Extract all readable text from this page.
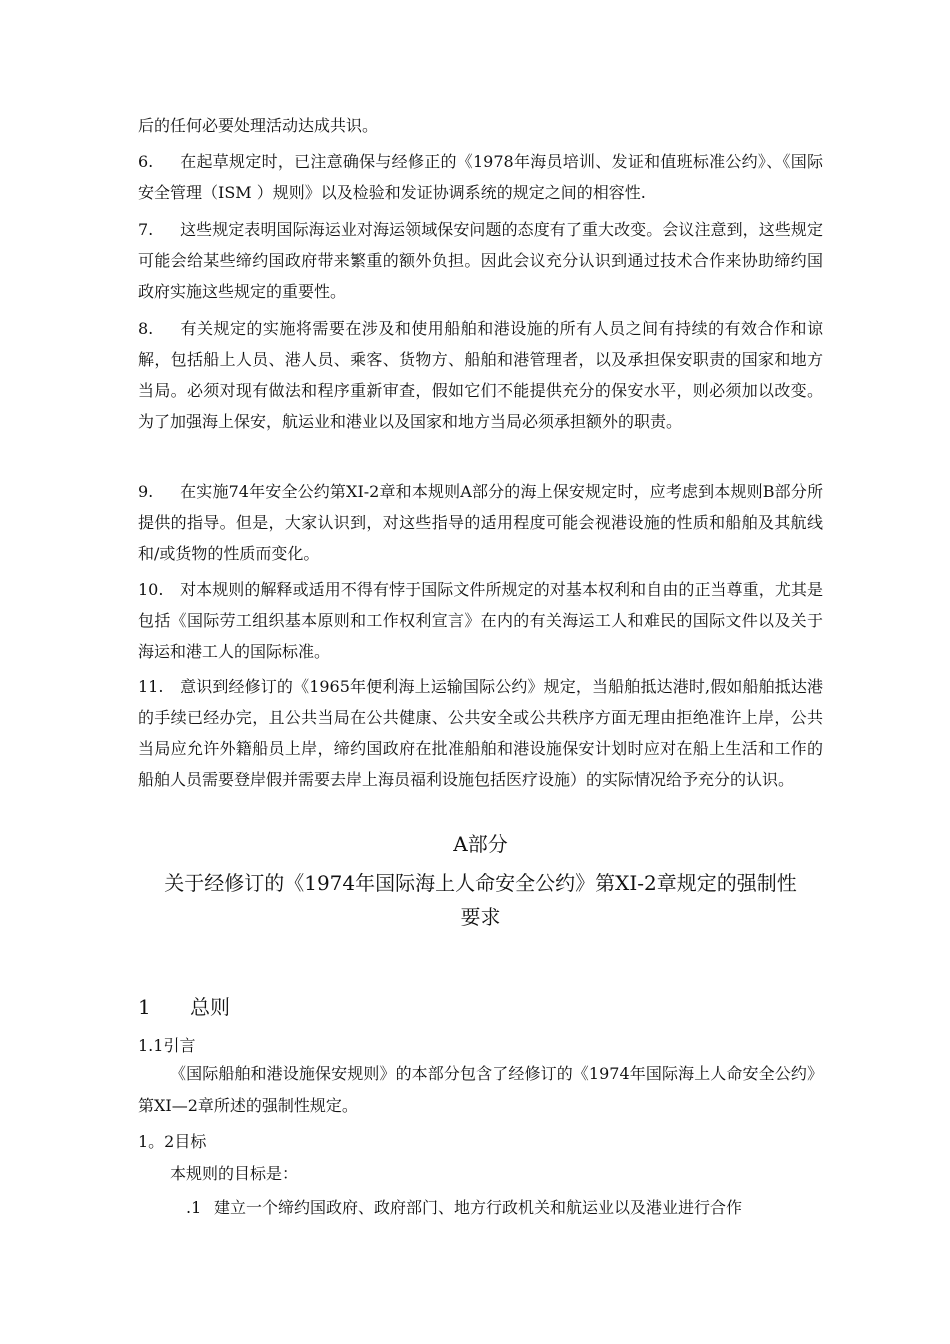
后的任何必要处理活动达成共识。
6. 在起草规定时，已注意确保与经修正的《1978年海员培训、发证和值班标准公约》、《国际安全管理（ISM ）规则》以及检验和发证协调系统的规定之间的相容性.
7. 这些规定表明国际海运业对海运领域保安问题的态度有了重大改变。会议注意到，这些规定可能会给某些缔约国政府带来繁重的额外负担。因此会议充分认识到通过技术合作来协助缔约国政府实施这些规定的重要性。
8. 有关规定的实施将需要在涉及和使用船舶和港设施的所有人员之间有持续的有效合作和谅解，包括船上人员、港人员、乘客、货物方、船舶和港管理者，以及承担保安职责的国家和地方当局。必须对现有做法和程序重新审查，假如它们不能提供充分的保安水平，则必须加以改变。为了加强海上保安，航运业和港业以及国家和地方当局必须承担额外的职责。
9. 在实施74年安全公约第XI-2章和本规则A部分的海上保安规定时，应考虑到本规则B部分所提供的指导。但是，大家认识到，对这些指导的适用程度可能会视港设施的性质和船舶及其航线和/或货物的性质而变化。
10. 对本规则的解释或适用不得有悖于国际文件所规定的对基本权利和自由的正当尊重，尤其是包括《国际劳工组织基本原则和工作权利宣言》在内的有关海运工人和难民的国际文件以及关于海运和港工人的国际标准。
11. 意识到经修订的《1965年便利海上运输国际公约》规定，当船舶抵达港时,假如船舶抵达港的手续已经办完，且公共当局在公共健康、公共安全或公共秩序方面无理由拒绝准许上岸，公共当局应允许外籍船员上岸，缔约国政府在批准船舶和港设施保安计划时应对在船上生活和工作的船舶人员需要登岸假并需要去岸上海员福利设施包括医疗设施）的实际情况给予充分的认识。
A部分
关于经修订的《1974年国际海上人命安全公约》第XI-2章规定的强制性
要求
1 总则
1.1引言
《国际船舶和港设施保安规则》的本部分包含了经修订的《1974年国际海上人命安全公约》第XI—2章所述的强制性规定。
1。2目标
本规则的目标是：
.1 建立一个缔约国政府、政府部门、地方行政机关和航运业以及港业进行合作
